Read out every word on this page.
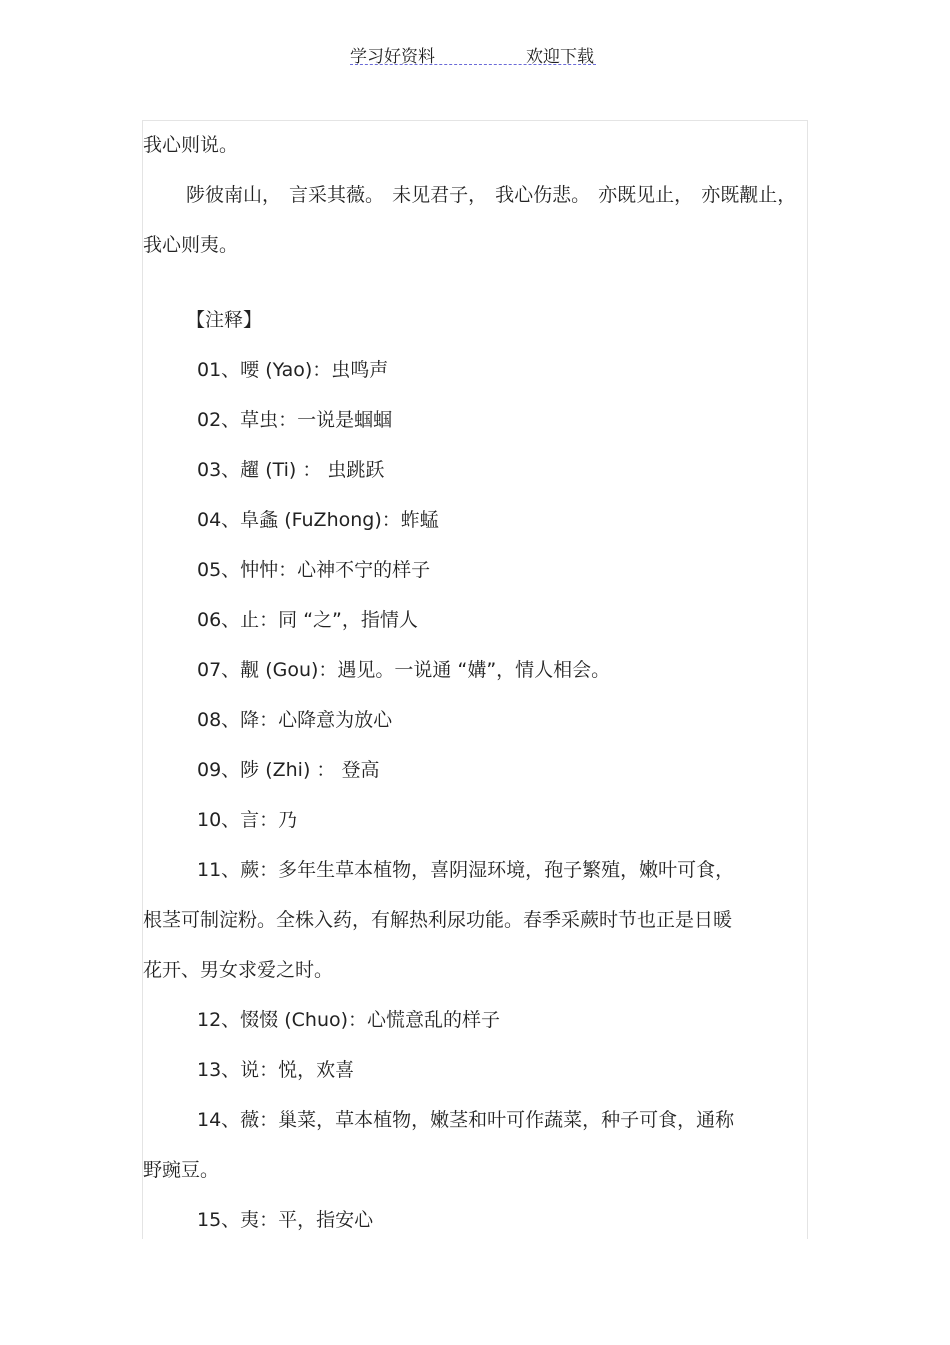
学习好资料	欢迎下载
我心则说。
陟彼南山， 言采其薇。 未见君子， 我心伤悲。 亦既见止， 亦既觏止，
我心则夷。
【注释】
01、喓 (Yao)：虫鸣声
02、草虫：一说是蝈蝈
03、趯 (Ti) ： 虫跳跃
04、阜螽 (FuZhong)：蚱蜢
05、忡忡：心神不宁的样子
06、止：同 “之”，指情人
07、觏 (Gou)：遇见。一说通 “媾”，情人相会。
08、降：心降意为放心
09、陟 (Zhi) ： 登高
10、言：乃
11、蕨：多年生草本植物，喜阴湿环境，孢子繁殖，嫩叶可食，
根茎可制淀粉。全株入药，有解热利尿功能。春季采蕨时节也正是日暖
花开、男女求爱之时。
12、惙惙 (Chuo)：心慌意乱的样子
13、说：悦，欢喜
14、薇：巢菜，草本植物，嫩茎和叶可作蔬菜，种子可食，通称
野豌豆。
15、夷：平，指安心
